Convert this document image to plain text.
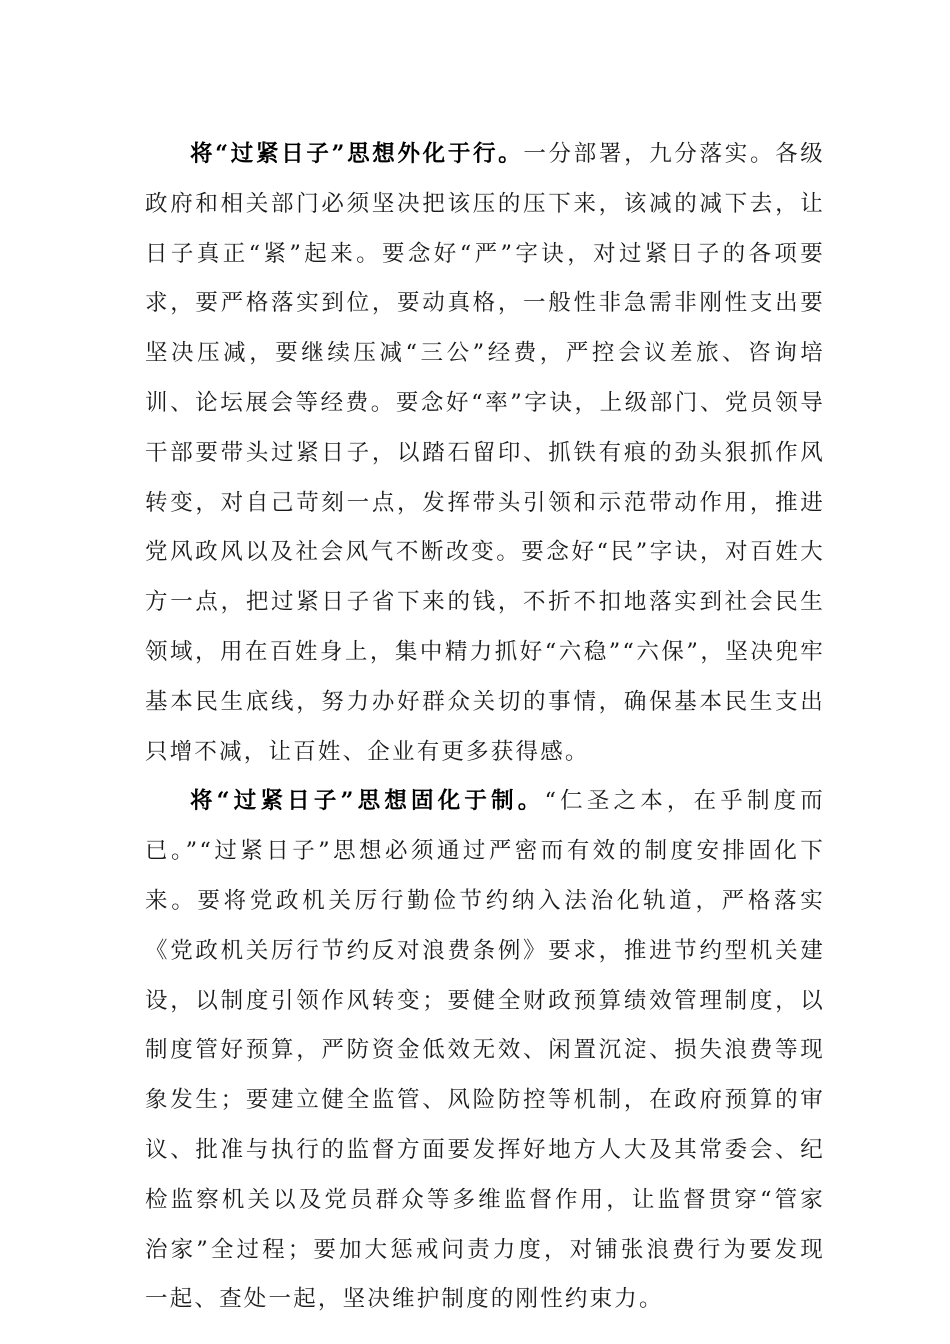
将“过紧日子”思想外化于行。一分部署，九分落实。各级政府和相关部门必须坚决把该压的压下来，该减的减下去，让日子真正“紧”起来。要念好“严”字诀，对过紧日子的各项要求，要严格落实到位，要动真格，一般性非急需非刚性支出要坚决压减，要继续压减“三公”经费，严控会议差旅、咨询培训、论坛展会等经费。要念好“率”字诀，上级部门、党员领导干部要带头过紧日子，以踏石留印、抓铁有痕的劲头狠抓作风转变，对自己苛刻一点，发挥带头引领和示范带动作用，推进党风政风以及社会风气不断改变。要念好“民”字诀，对百姓大方一点，把过紧日子省下来的钱，不折不扣地落实到社会民生领域，用在百姓身上，集中精力抓好“六稳”“六保”，坚决兜牢基本民生底线，努力办好群众关切的事情，确保基本民生支出只增不减，让百姓、企业有更多获得感。

将“过紧日子”思想固化于制。“仁圣之本，在乎制度而已。”“过紧日子”思想必须通过严密而有效的制度安排固化下来。要将党政机关厉行勤俭节约纳入法治化轨道，严格落实《党政机关厉行节约反对浪费条例》要求，推进节约型机关建设，以制度引领作风转变；要健全财政预算绩效管理制度，以制度管好预算，严防资金低效无效、闲置沉淀、损失浪费等现象发生；要建立健全监管、风险防控等机制，在政府预算的审议、批准与执行的监督方面要发挥好地方人大及其常委会、纪检监察机关以及党员群众等多维监督作用，让监督贯穿“管家治家”全过程；要加大惩戒问责力度，对铺张浪费行为要发现一起、查处一起，坚决维护制度的刚性约束力。
